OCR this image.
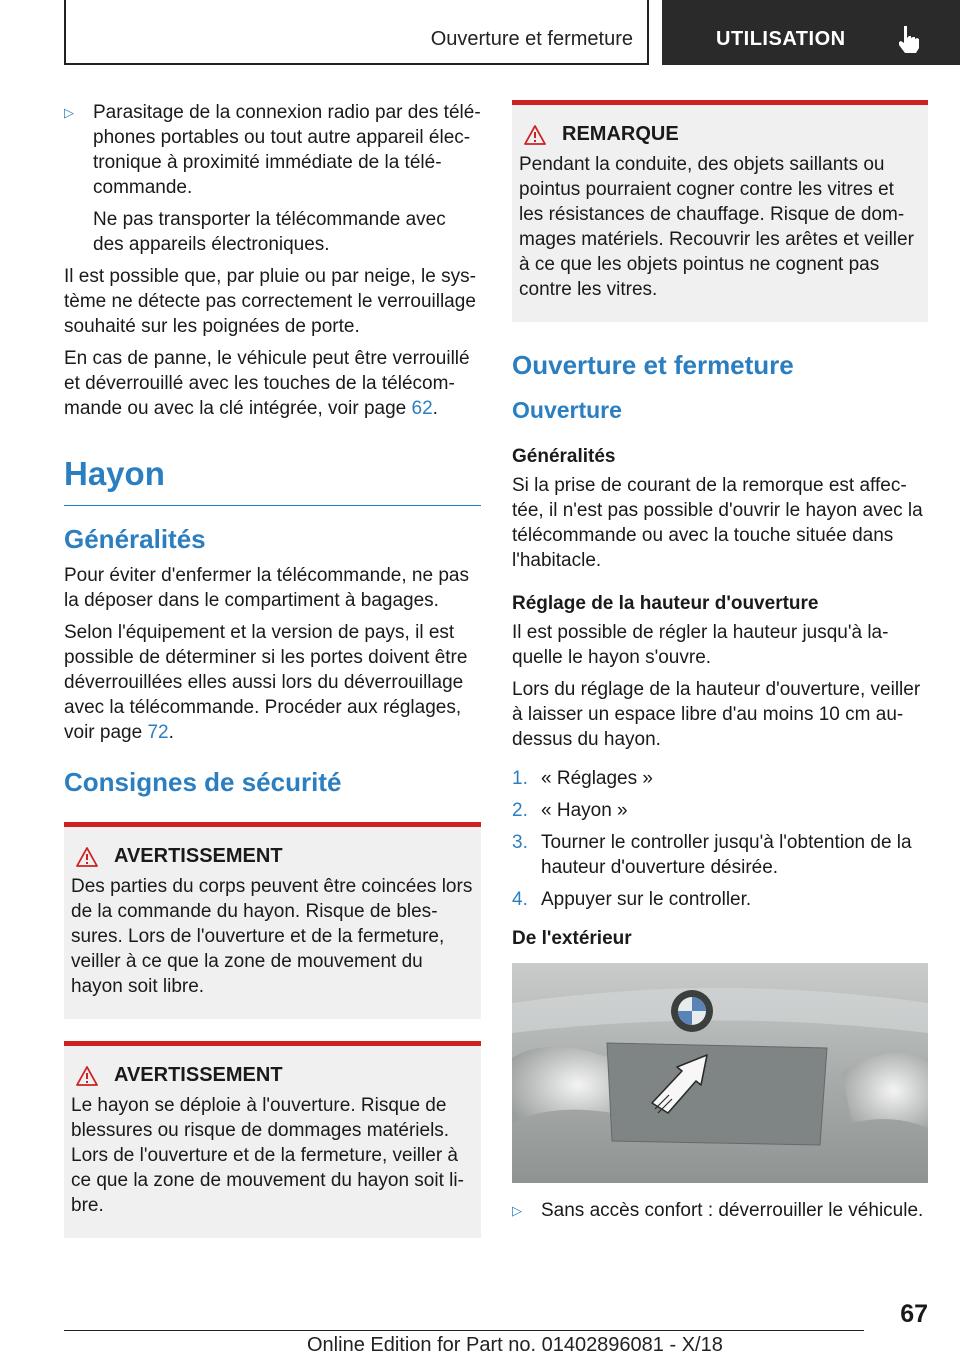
Ouverture et fermeture	UTILISATION

▷ Parasitage de la connexion radio par des téléphones portables ou tout autre appareil électronique à proximité immédiate de la télécommande.

Ne pas transporter la télécommande avec des appareils électroniques.

Il est possible que, par pluie ou par neige, le système ne détecte pas correctement le verrouillage souhaité sur les poignées de porte.

En cas de panne, le véhicule peut être verrouillé et déverrouillé avec les touches de la télécommande ou avec la clé intégrée, voir page 62.

Hayon
Généralités

Pour éviter d'enfermer la télécommande, ne pas la déposer dans le compartiment à bagages.

Selon l'équipement et la version de pays, il est possible de déterminer si les portes doivent être déverrouillées elles aussi lors du déverrouillage avec la télécommande. Procéder aux réglages, voir page 72.

Consignes de sécurité
AVERTISSEMENT

Des parties du corps peuvent être coincées lors de la commande du hayon. Risque de blessures. Lors de l'ouverture et de la fermeture, veiller à ce que la zone de mouvement du hayon soit libre.

AVERTISSEMENT

Le hayon se déploie à l'ouverture. Risque de blessures ou risque de dommages matériels. Lors de l'ouverture et de la fermeture, veiller à ce que la zone de mouvement du hayon soit libre.

REMARQUE

Pendant la conduite, des objets saillants ou pointus pourraient cogner contre les vitres et les résistances de chauffage. Risque de dommages matériels. Recouvrir les arêtes et veiller à ce que les objets pointus ne cognent pas contre les vitres.

Ouverture et fermeture
Ouverture
Généralités

Si la prise de courant de la remorque est affectée, il n'est pas possible d'ouvrir le hayon avec la télécommande ou avec la touche située dans l'habitacle.

Réglage de la hauteur d'ouverture

Il est possible de régler la hauteur jusqu'à laquelle le hayon s'ouvre.

Lors du réglage de la hauteur d'ouverture, veiller à laisser un espace libre d'au moins 10 cm au-dessus du hayon.

1. « Réglages »
2. « Hayon »
3. Tourner le controller jusqu'à l'obtention de la hauteur d'ouverture désirée.
4. Appuyer sur le controller.
De l'extérieur

▷ Sans accès confort : déverrouiller le véhicule.

67
Online Edition for Part no. 01402896081 - X/18
